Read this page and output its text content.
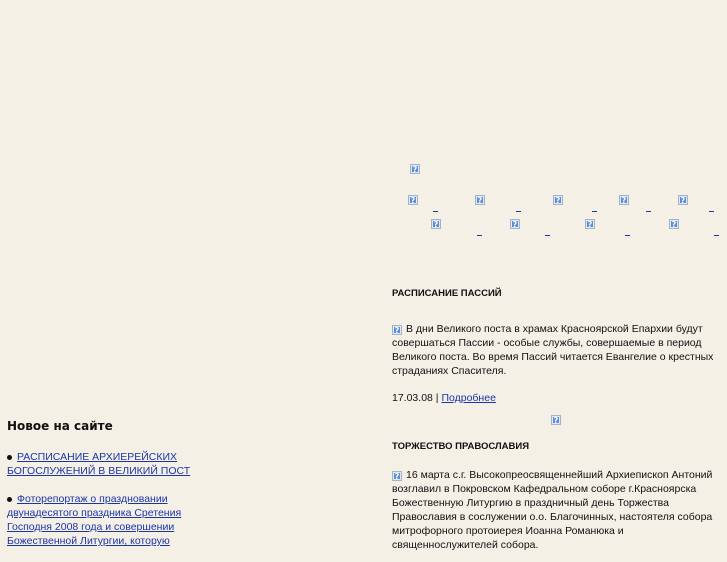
?
?	?	?	?	?
?	?	?	?
Новое на сайте
РАСПИСАНИЕ АРХИЕРЕЙСКИХ БОГОСЛУЖЕНИЙ В ВЕЛИКИЙ ПОСТ
Фоторепортаж о праздновании двунадесятого праздника Сретения Господня 2008 года и совершении Божественной Литургии, которую
РАСПИСАНИЕ ПАССИЙ

? В дни Великого поста в храмах Красноярской Епархии будут совершаться Пассии - особые службы, совершаемые в период Великого поста. Во время Пассий читается Евангелие о крестных страданиях Спасителя.

17.03.08 | Подробнее

?
ТОРЖЕСТВО ПРАВОСЛАВИЯ

? 16 марта с.г. Высокопреосвященнейший Архиепископ Антоний возглавил в Покровском Кафедральном соборе г.Красноярска Божественную Литургию в праздничный день Торжества Православия в сослужении о.о. Благочинных, настоятеля собора митрофорного протоиерея Иоанна Романюка и священнослужителей собора.
